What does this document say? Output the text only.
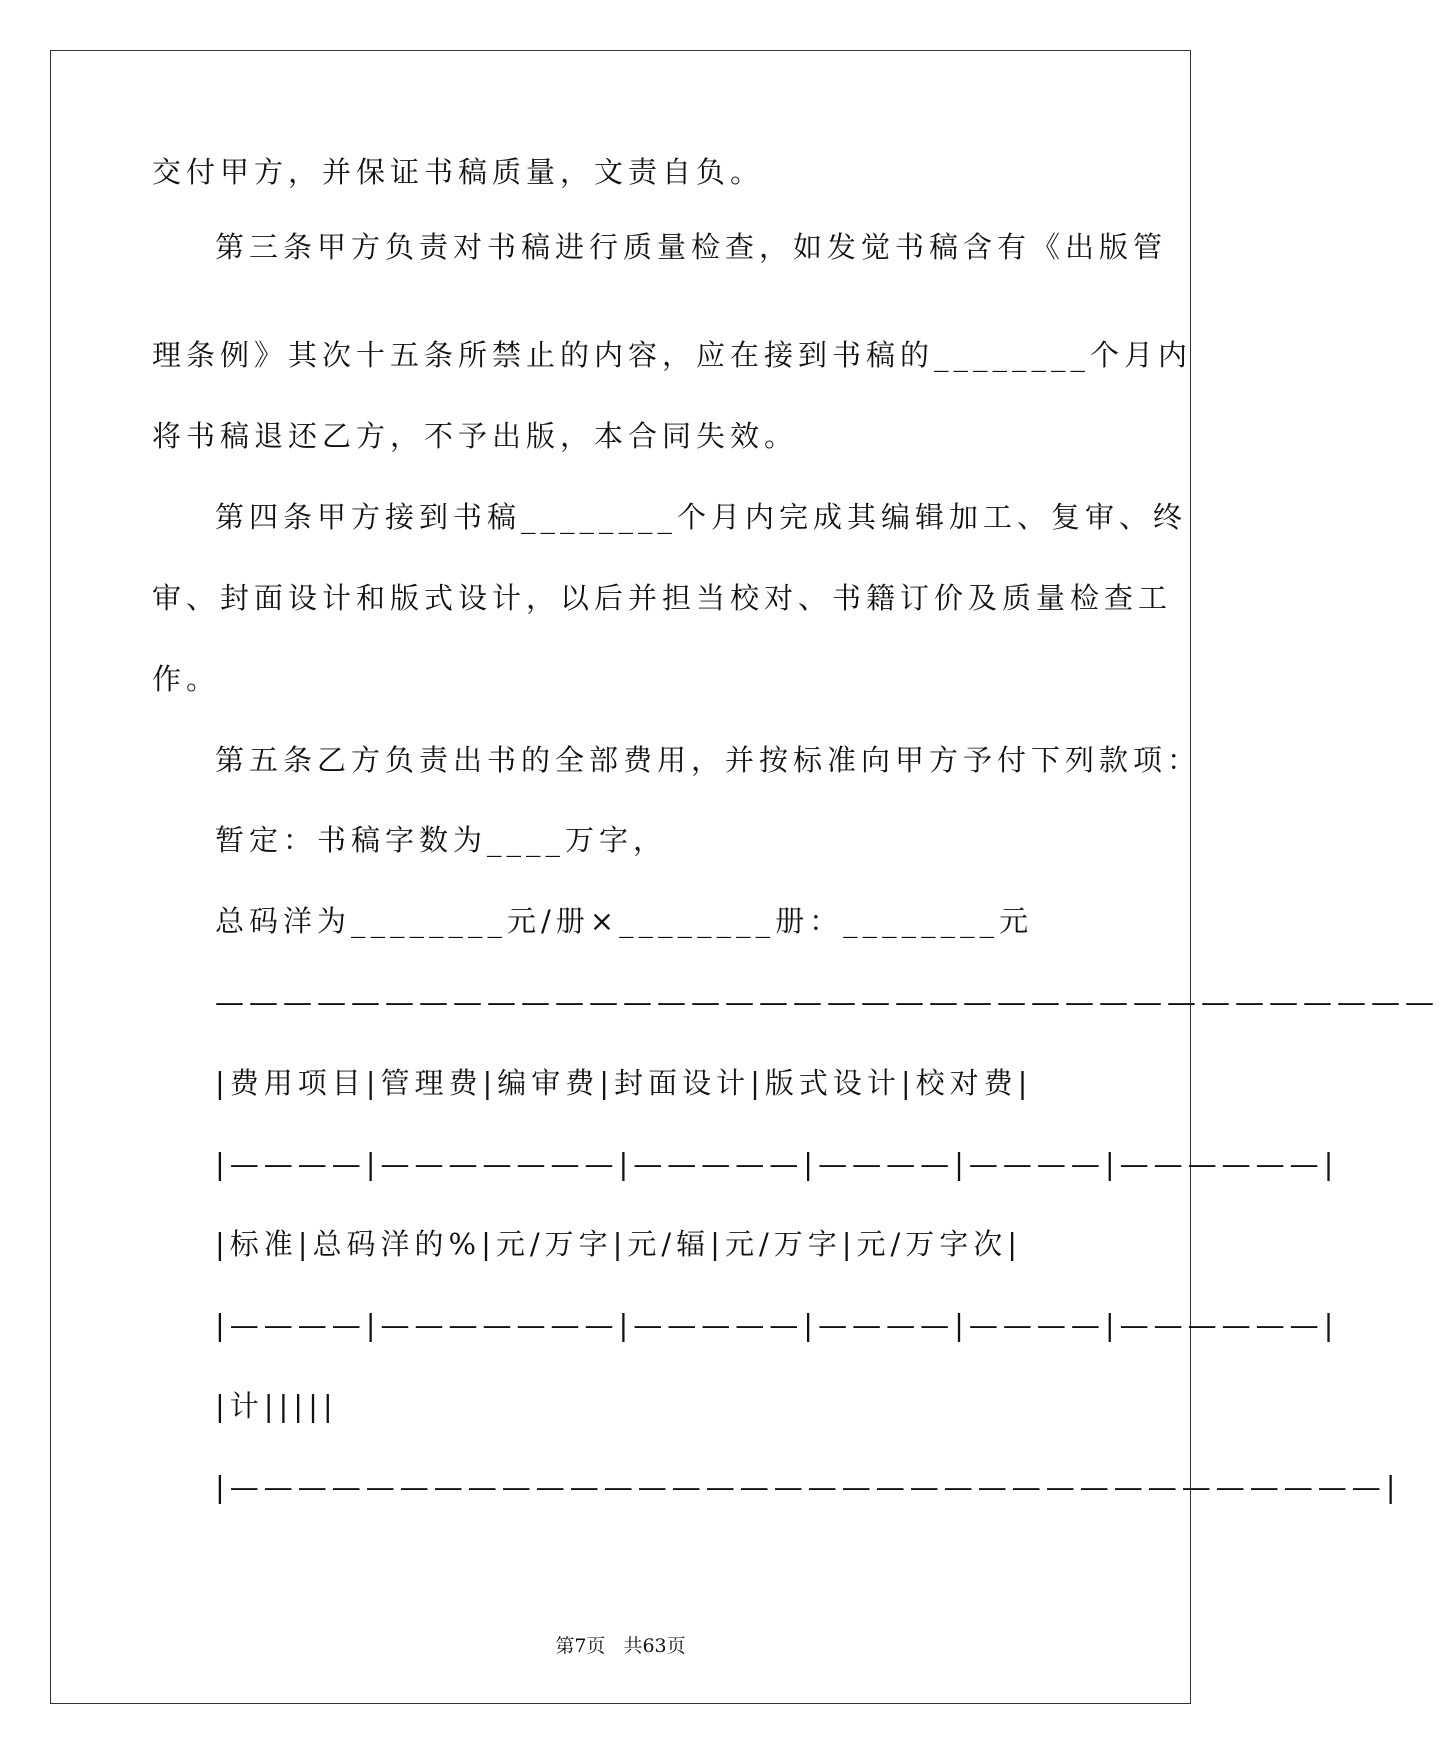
交付甲方，并保证书稿质量，文责自负。
第三条甲方负责对书稿进行质量检查，如发觉书稿含有《出版管
理条例》其次十五条所禁止的内容，应在接到书稿的________个月内
将书稿退还乙方，不予出版，本合同失效。
第四条甲方接到书稿________个月内完成其编辑加工、复审、终
审、封面设计和版式设计，以后并担当校对、书籍订价及质量检查工
作。
第五条乙方负责出书的全部费用，并按标准向甲方予付下列款项：
暂定：书稿字数为____万字，
总码洋为________元/册×________册：________元
————————————————————————————————————
|费用项目|管理费|编审费|封面设计|版式设计|校对费|
|————|———————|—————|————|————|——————|
|标准|总码洋的%|元/万字|元/辐|元/万字|元/万字次|
|————|———————|—————|————|————|——————|
|计|||||
|——————————————————————————————————|
第7页 共63页
